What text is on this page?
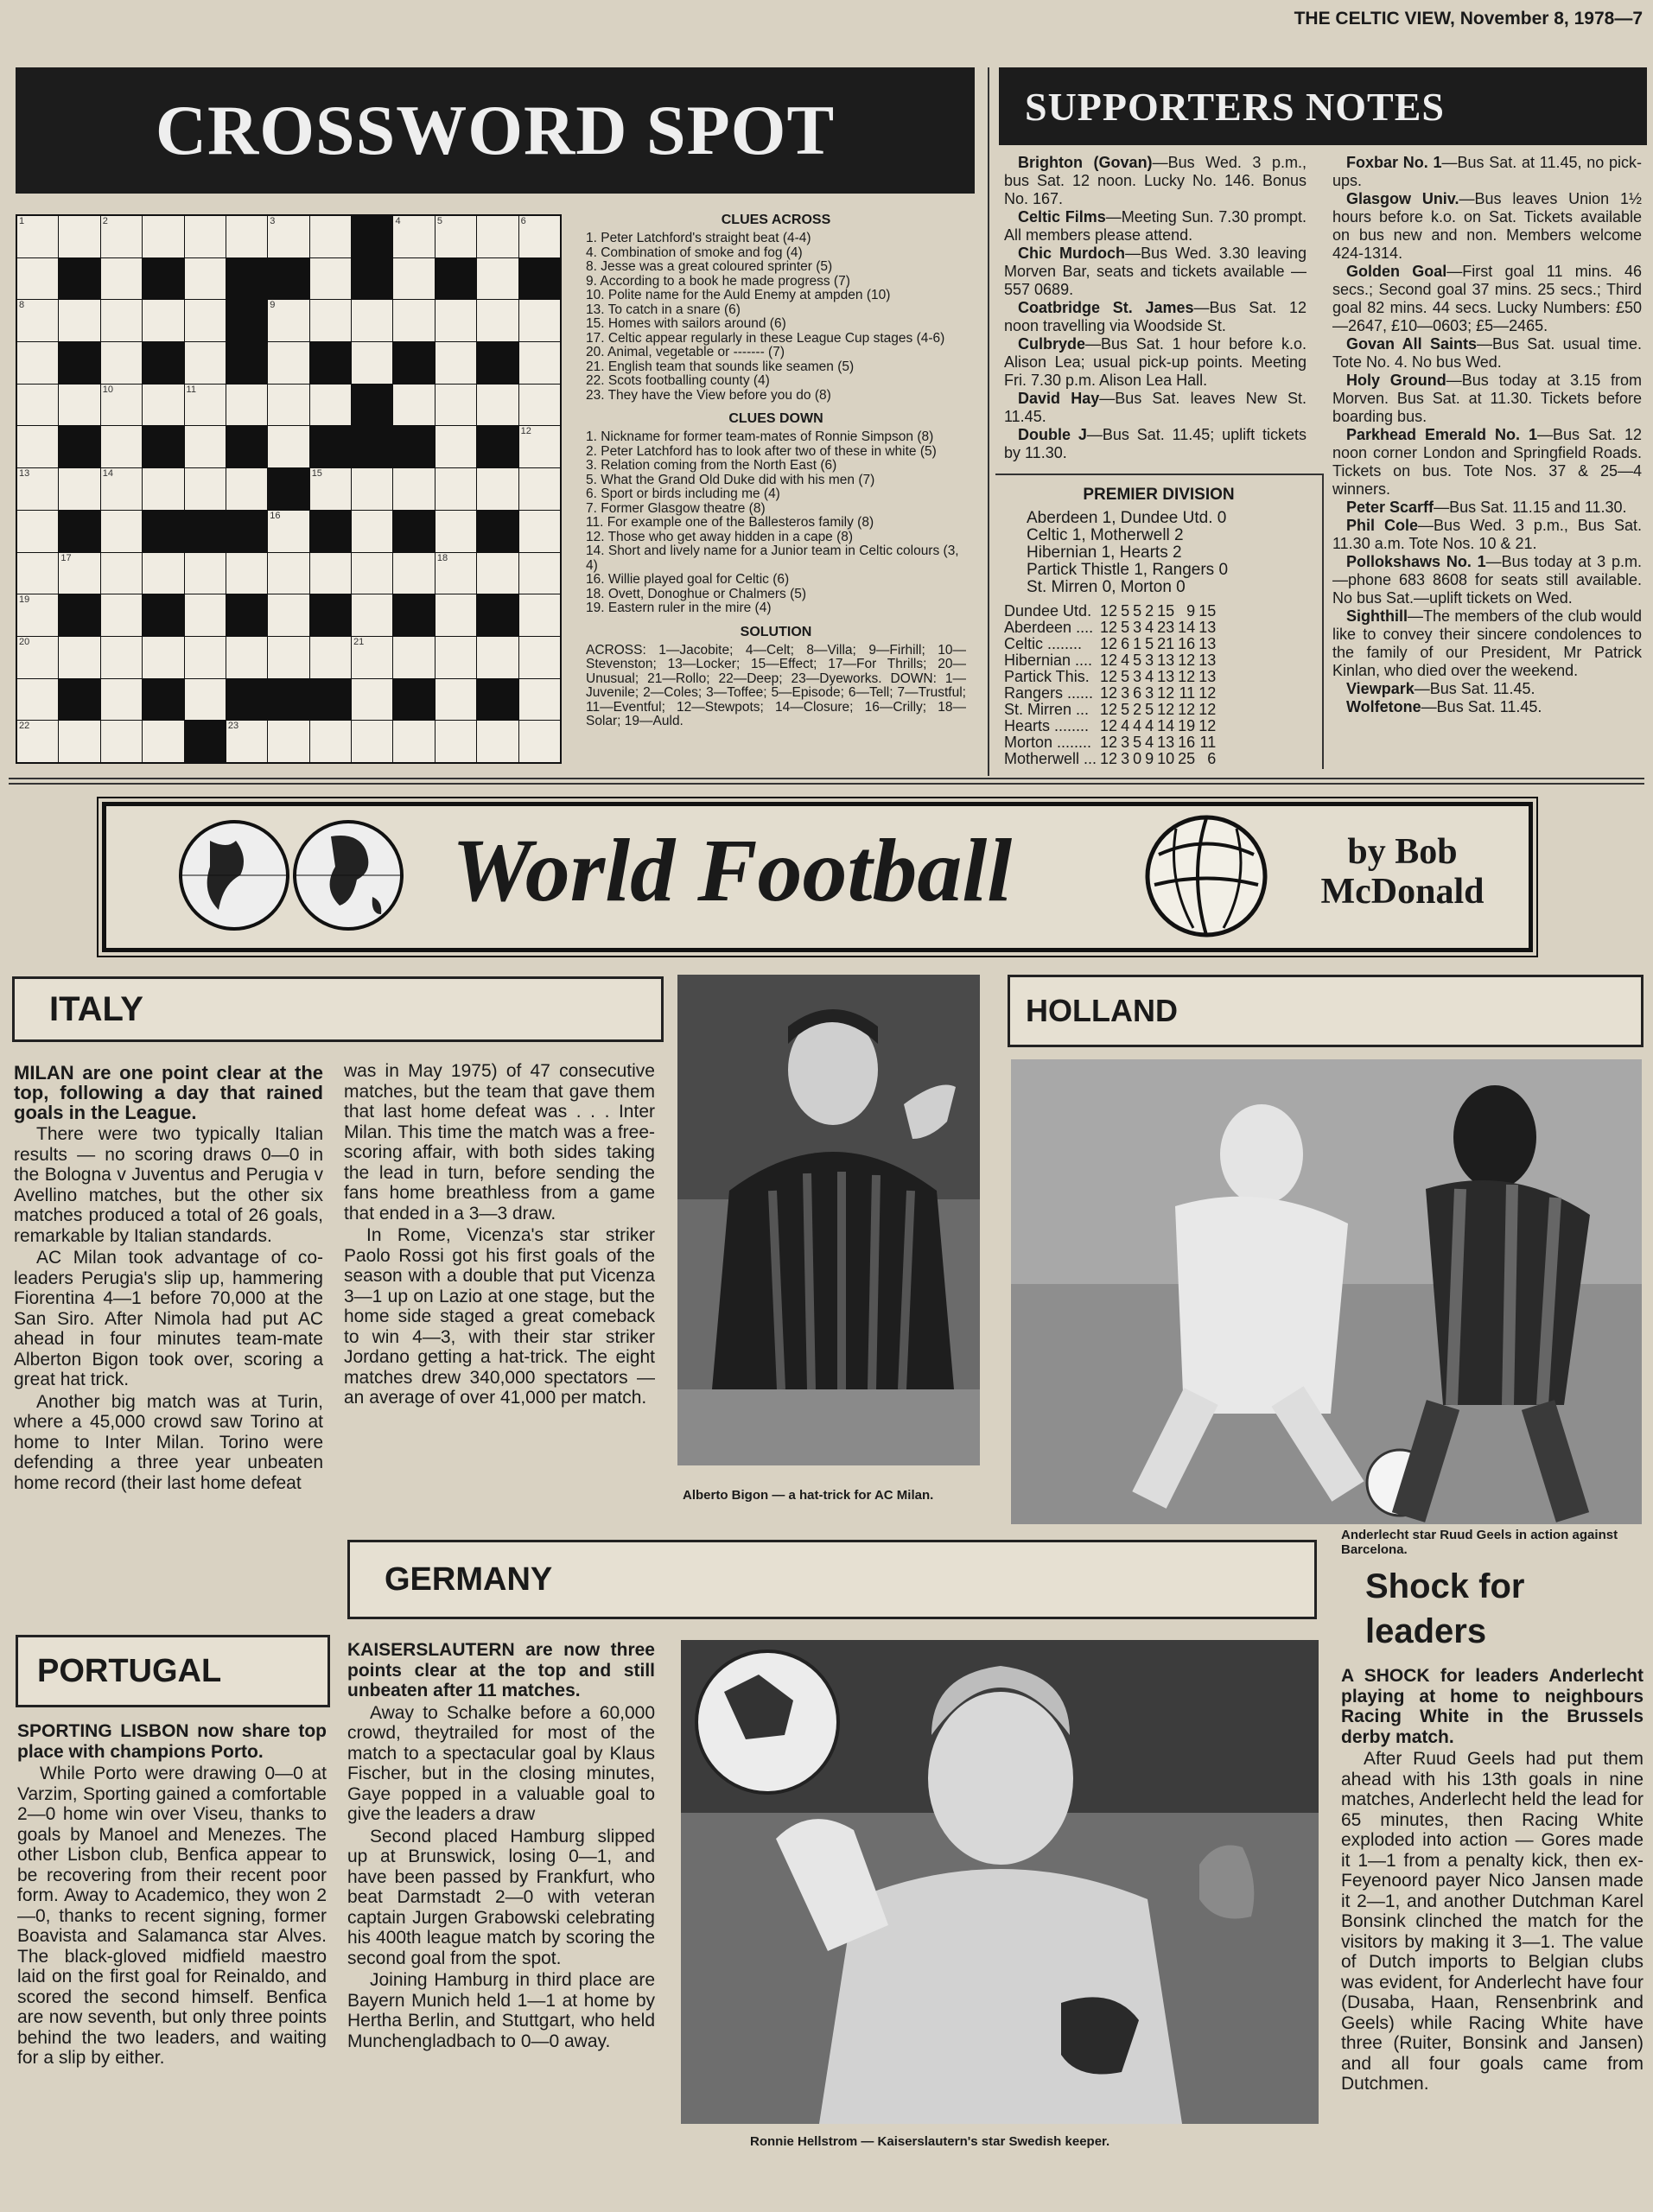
THE CELTIC VIEW, November 8, 1978—7
CROSSWORD SPOT
1	2	3	4	5	6
8	9
10	11
12
13	14	15
16
17	18
19
20	21
22	23
CLUES ACROSS

1. Peter Latchford's straight beat (4-4)

4. Combination of smoke and fog (4)

8. Jesse was a great coloured sprinter (5)

9. According to a book he made progress (7)

10. Polite name for the Auld Enemy at ampden (10)

13. To catch in a snare (6)

15. Homes with sailors around (6)

17. Celtic appear regularly in these League Cup stages (4-6)

20. Animal, vegetable or ------- (7)

21. English team that sounds like seamen (5)

22. Scots footballing county (4)

23. They have the View before you do (8)

CLUES DOWN

1. Nickname for former team-mates of Ronnie Simpson (8)

2. Peter Latchford has to look after two of these in white (5)

3. Relation coming from the North East (6)

5. What the Grand Old Duke did with his men (7)

6. Sport or birds including me (4)

7. Former Glasgow theatre (8)

11. For example one of the Ballesteros family (8)

12. Those who get away hidden in a cape (8)

14. Short and lively name for a Junior team in Celtic colours (3, 4)

16. Willie played goal for Celtic (6)

18. Ovett, Donoghue or Chalmers (5)

19. Eastern ruler in the mire (4)

SOLUTION
ACROSS: 1—Jacobite; 4—Celt; 8—Villa; 9—Firhill; 10—Stevenston; 13—Locker; 15—Effect; 17—For Thrills; 20—Unusual; 21—Rollo; 22—Deep; 23—Dyeworks. DOWN: 1—Juvenile; 2—Coles; 3—Toffee; 5—Episode; 6—Tell; 7—Trustful; 11—Eventful; 12—Stewpots; 14—Closure; 16—Crilly; 18—Solar; 19—Auld.
SUPPORTERS NOTES

Brighton (Govan)—Bus Wed. 3 p.m., bus Sat. 12 noon. Lucky No. 146. Bonus No. 167.

Celtic Films—Meeting Sun. 7.30 prompt. All members please attend.

Chic Murdoch—Bus Wed. 3.30 leaving Morven Bar, seats and tickets available — 557 0689.

Coatbridge St. James—Bus Sat. 12 noon travelling via Woodside St.

Culbryde—Bus Sat. 1 hour before k.o. Alison Lea; usual pick-up points. Meeting Fri. 7.30 p.m. Alison Lea Hall.

David Hay—Bus Sat. leaves New St. 11.45.

Double J—Bus Sat. 11.45; uplift tickets by 11.30.

PREMIER DIVISION
Aberdeen 1, Dundee Utd. 0
Celtic 1, Motherwell 2
Hibernian 1, Hearts 2
Partick Thistle 1, Rangers 0
St. Mirren 0, Morton 0
Dundee Utd.	12	5	5	2	15	9	15
Aberdeen ....	12	5	3	4	23	14	13
Celtic ........	12	6	1	5	21	16	13
Hibernian ....	12	4	5	3	13	12	13
Partick This.	12	5	3	4	13	12	13
Rangers ......	12	3	6	3	12	11	12
St. Mirren ...	12	5	2	5	12	12	12
Hearts ........	12	4	4	4	14	19	12
Morton ........	12	3	5	4	13	16	11
Motherwell ...	12	3	0	9	10	25	6

Foxbar No. 1—Bus Sat. at 11.45, no pick-ups.

Glasgow Univ.—Bus leaves Union 1½ hours before k.o. on Sat. Tickets available on bus new and non. Members welcome 424-1314.

Golden Goal—First goal 11 mins. 46 secs.; Second goal 37 mins. 25 secs.; Third goal 82 mins. 44 secs. Lucky Numbers: £50—2647, £10—0603; £5—2465.

Govan All Saints—Bus Sat. usual time. Tote No. 4. No bus Wed.

Holy Ground—Bus today at 3.15 from Morven. Bus Sat. at 11.30. Tickets before boarding bus.

Parkhead Emerald No. 1—Bus Sat. 12 noon corner London and Springfield Roads. Tickets on bus. Tote Nos. 37 & 25—4 winners.

Peter Scarff—Bus Sat. 11.15 and 11.30.

Phil Cole—Bus Wed. 3 p.m., Bus Sat. 11.30 a.m. Tote Nos. 10 & 21.

Pollokshaws No. 1—Bus today at 3 p.m.—phone 683 8608 for seats still available. No bus Sat.—uplift tickets on Wed.

Sighthill—The members of the club would like to convey their sincere condolences to the family of our President, Mr Patrick Kinlan, who died over the weekend.

Viewpark—Bus Sat. 11.45.

Wolfetone—Bus Sat. 11.45.

World Football	by Bob McDonald
ITALY

MILAN are one point clear at the top, following a day that rained goals in the League.

There were two typically Italian results — no scoring draws 0—0 in the Bologna v Juventus and Perugia v Avellino matches, but the other six matches produced a total of 26 goals, remarkable by Italian standards.

AC Milan took advantage of co-leaders Perugia's slip up, hammering Fiorentina 4—1 before 70,000 at the San Siro. After Nimola had put AC ahead in four minutes team-mate Alberton Bigon took over, scoring a great hat trick.

Another big match was at Turin, where a 45,000 crowd saw Torino at home to Inter Milan. Torino were defending a three year unbeaten home record (their last home defeat

was in May 1975) of 47 consecutive matches, but the team that gave them that last home defeat was . . . Inter Milan. This time the match was a free-scoring affair, with both sides taking the lead in turn, before sending the fans home breathless from a game that ended in a 3—3 draw.

In Rome, Vicenza's star striker Paolo Rossi got his first goals of the season with a double that put Vicenza 3—1 up on Lazio at one stage, but the home side staged a great comeback to win 4—3, with their star striker Jordano getting a hat-trick. The eight matches drew 340,000 spectators — an average of over 41,000 per match.

Alberto Bigon — a hat-trick for AC Milan.
HOLLAND
Anderlecht star Ruud Geels in action against Barcelona.
GERMANY
PORTUGAL

SPORTING LISBON now share top place with champions Porto.

While Porto were drawing 0—0 at Varzim, Sporting gained a comfortable 2—0 home win over Viseu, thanks to goals by Manoel and Menezes. The other Lisbon club, Benfica appear to be recovering from their recent poor form. Away to Academico, they won 2—0, thanks to recent signing, former Boavista and Salamanca star Alves. The black-gloved midfield maestro laid on the first goal for Reinaldo, and scored the second himself. Benfica are now seventh, but only three points behind the two leaders, and waiting for a slip by either.

KAISERSLAUTERN are now three points clear at the top and still unbeaten after 11 matches.

Away to Schalke before a 60,000 crowd, theytrailed for most of the match to a spectacular goal by Klaus Fischer, but in the closing minutes, Gaye popped in a valuable goal to give the leaders a draw

Second placed Hamburg slipped up at Brunswick, losing 0—1, and have been passed by Frankfurt, who beat Darmstadt 2—0 with veteran captain Jurgen Grabowski celebrating his 400th league match by scoring the second goal from the spot.

Joining Hamburg in third place are Bayern Munich held 1—1 at home by Hertha Berlin, and Stuttgart, who held Munchengladbach to 0—0 away.

Ronnie Hellstrom — Kaiserslautern's star Swedish keeper.
Shock for leaders

A SHOCK for leaders Anderlecht playing at home to neighbours Racing White in the Brussels derby match.

After Ruud Geels had put them ahead with his 13th goals in nine matches, Anderlecht held the lead for 65 minutes, then Racing White exploded into action — Gores made it 1—1 from a penalty kick, then ex-Feyenoord payer Nico Jansen made it 2—1, and another Dutchman Karel Bonsink clinched the match for the visitors by making it 3—1. The value of Dutch imports to Belgian clubs was evident, for Anderlecht have four (Dusaba, Haan, Rensenbrink and Geels) while Racing White have three (Ruiter, Bonsink and Jansen) and all four goals came from Dutchmen.
